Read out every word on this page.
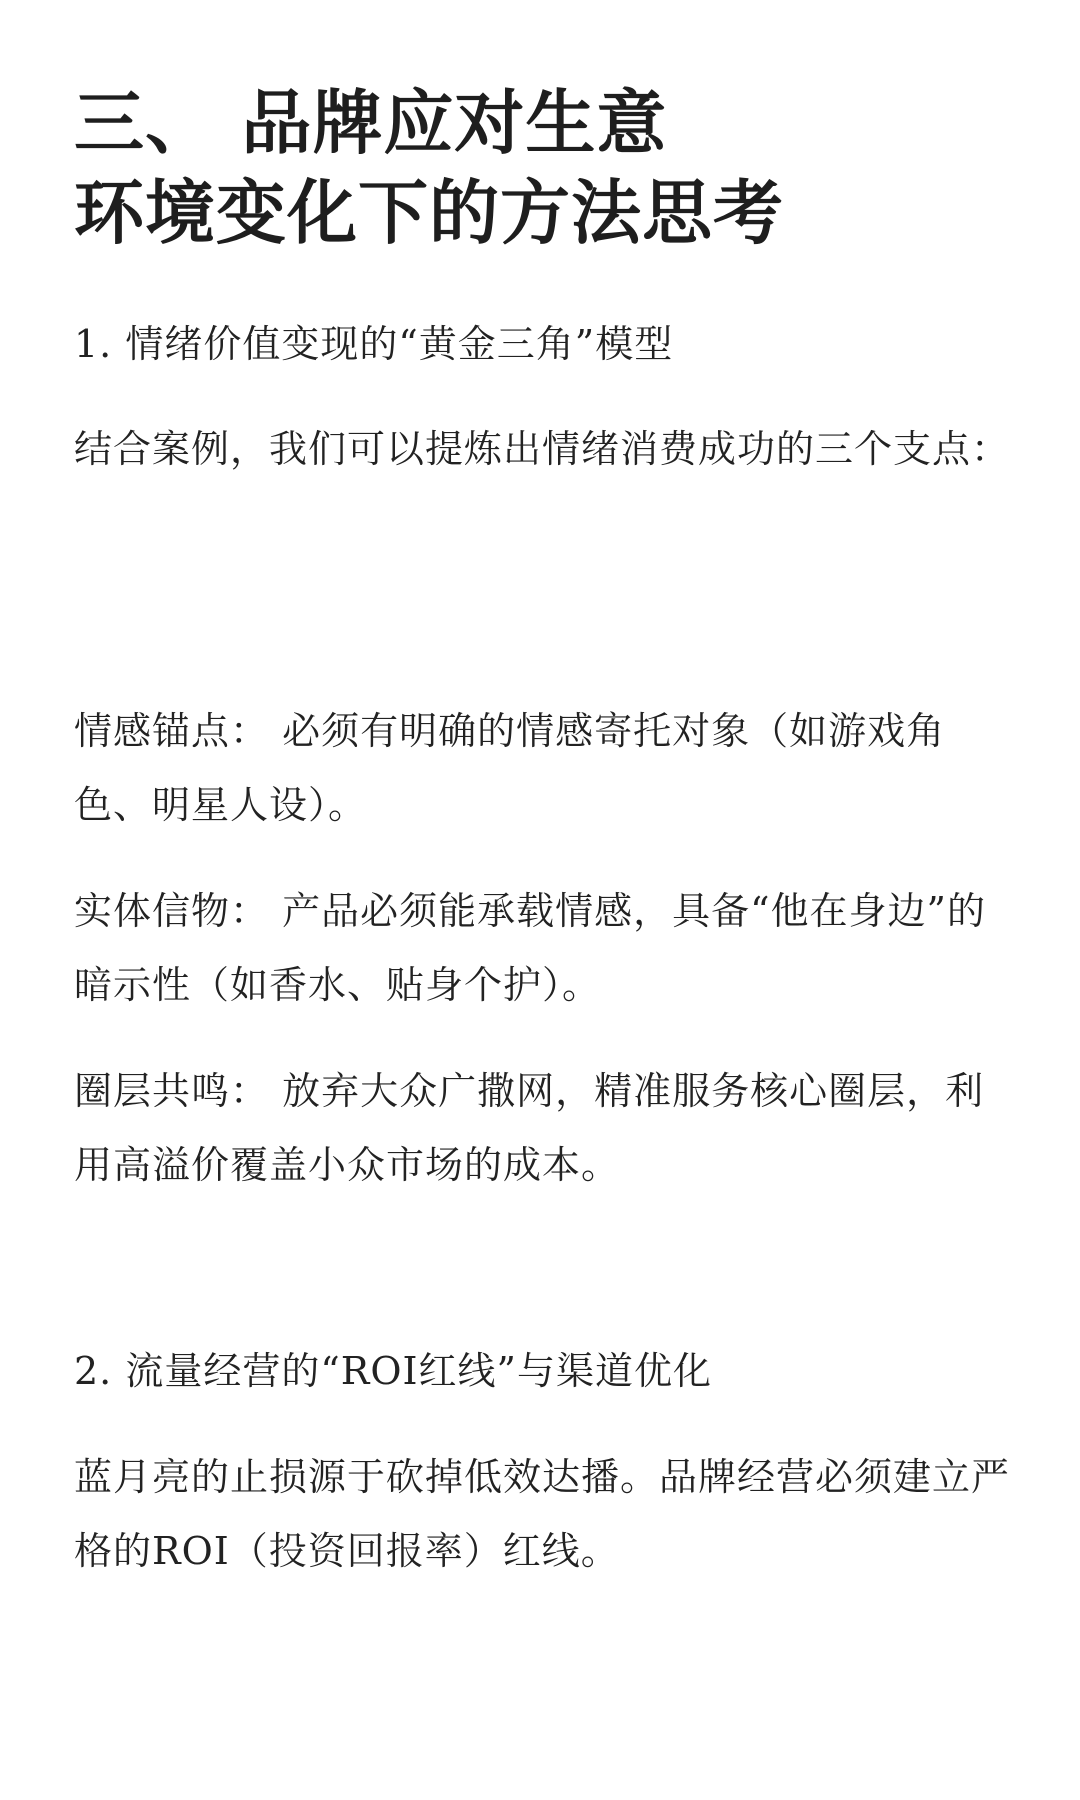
三、 品牌应对生意
环境变化下的方法思考

1. 情绪价值变现的“黄金三角”模型

结合案例，我们可以提炼出情绪消费成功的三个支点：

情感锚点： 必须有明确的情感寄托对象（如游戏角色、明星人设）。

实体信物： 产品必须能承载情感，具备“他在身边”的暗示性（如香水、贴身个护）。

圈层共鸣： 放弃大众广撒网，精准服务核心圈层，利用高溢价覆盖小众市场的成本。

2. 流量经营的“ROI红线”与渠道优化

蓝月亮的止损源于砍掉低效达播。品牌经营必须建立严格的ROI（投资回报率）红线。
